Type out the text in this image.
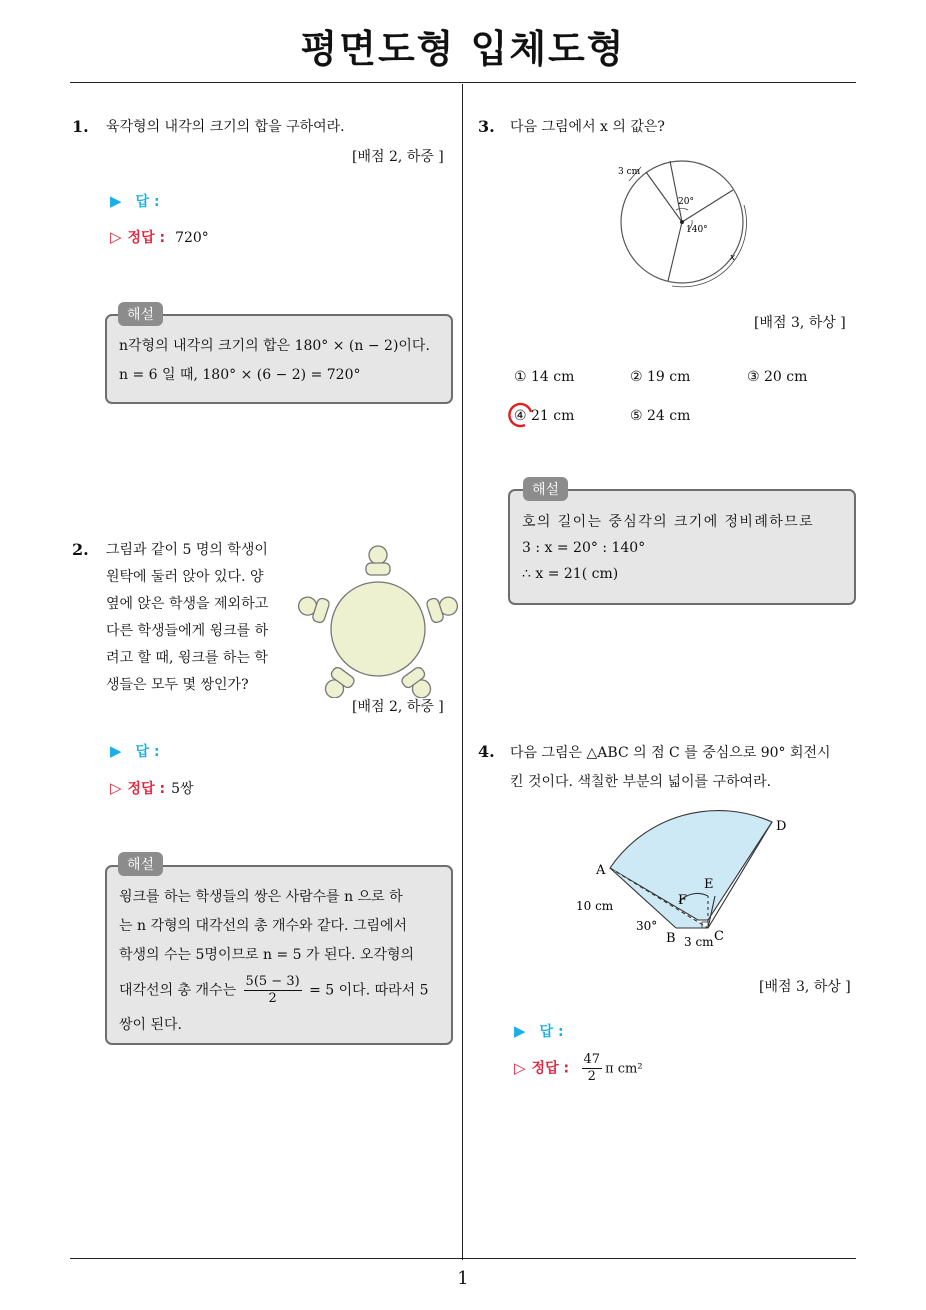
평면도형 입체도형
1. 육각형의 내각의 크기의 합을 구하여라.
[배점 2, 하중 ]
▶ 답 :
▷ 정답 : 720°
n각형의 내각의 크기의 합은 180° × (n − 2)이다.
n = 6 일 때, 180° × (6 − 2) = 720°
해설
2. 그림과 같이 5 명의 학생이
원탁에 둘러 앉아 있다. 양
옆에 앉은 학생을 제외하고
다른 학생들에게 윙크를 하
려고 할 때, 윙크를 하는 학
생들은 모두 몇 쌍인가?
[배점 2, 하중 ]
▶ 답 :
▷ 정답 : 5쌍
윙크를 하는 학생들의 쌍은 사람수를 n 으로 하
는 n 각형의 대각선의 총 개수와 같다. 그림에서
학생의 수는 5명이므로 n = 5 가 된다. 오각형의
대각선의 총 개수는 $\frac{5(5 - 3)}{2} = 5$ 이다. 따라서 5
쌍이 된다.
해설
3. 다음 그림에서 x 의 값은?
3 cm
20°
140°
x
[배점 3, 하상 ]
① 14 cm	② 19 cm	③ 20 cm
④ 21 cm	⑤ 24 cm
호의 길이는 중심각의 크기에 정비례하므로
3 : x = 20° : 140°
∴ x = 21( cm)
해설
4. 다음 그림은 △ABC 의 점 C 를 중심으로 90° 회전시
킨 것이다. 색칠한 부분의 넓이를 구하여라.
A
B	C
D
E
F
10 cm
30°
3 cm
[배점 3, 하상 ]
▶ 답 :
▷ 정답 : $\frac{47}{2}$ π cm²
1
